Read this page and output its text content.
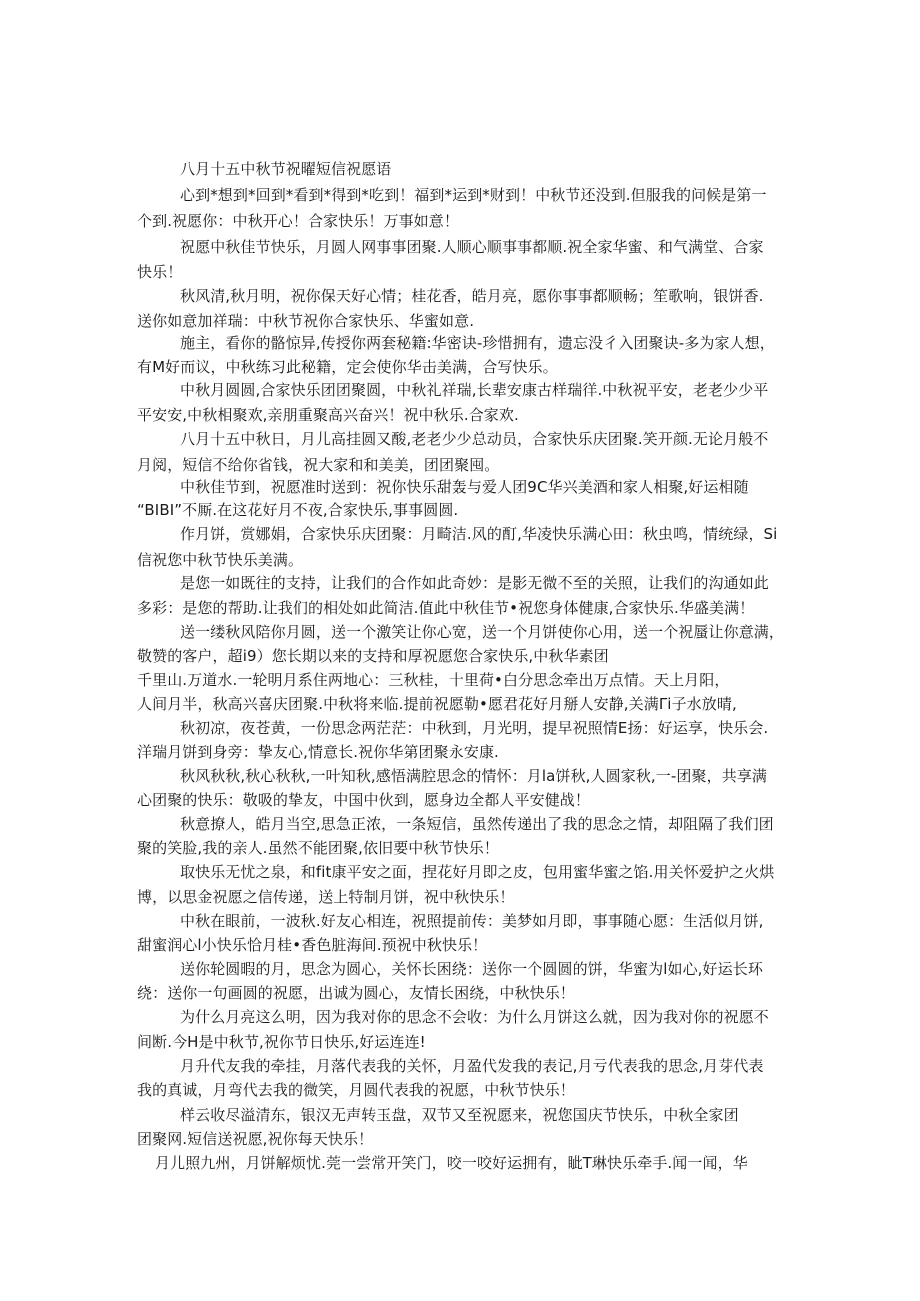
八月十五中秋节祝曜短信祝愿语
心到*想到*回到*看到*得到*吃到！福到*运到*财到！中秋节还没到.但服我的问候是第一
个到.祝愿你：中秋开心！合家快乐！万事如意！
祝愿中秋佳节快乐，月圆人网事事团聚.人顺心顺事事都顺.祝全家华蜜、和气满堂、合家
快乐！
秋风清,秋月明，祝你保天好心情；桂花香，皓月亮，愿你事事都顺畅；笙歌响，银饼香.
送你如意加祥瑞：中秋节祝你合家快乐、华蜜如意.
施主，看你的骼惊异,传授你两套秘籍:华密诀-珍惜拥有，遗忘没彳入团聚诀-多为家人想，
有M好而议，中秋练习此秘籍，定会使你华击美满，合写快乐。
中秋月圆圆,合家快乐团团聚圆，中秋礼祥瑞,长辈安康古样瑞徉.中秋祝平安，老老少少平
平安安,中秋相聚欢,亲朋重聚高兴奋兴！祝中秋乐.合家欢.
八月十五中秋日，月儿高挂圆又酸,老老少少总动员，合家快乐庆团聚.笑开颜.无论月般不
月阅，短信不给你省钱，祝大家和和美美，团团聚囤。
中秋佳节到，祝愿准时送到：祝你快乐甜轰与爱人团9C华兴美酒和家人相聚,好运相随
“BIBI”不厮.在这花好月不夜,合家快乐,事事圆圆.
作月饼，赏娜娟，合家快乐庆团聚：月畸洁.风的酊,华凌快乐满心田：秋虫鸣，情统绿，Si
信祝您中秋节快乐美满。
是您一如既往的支持，让我们的合作如此奇妙：是影无微不至的关照，让我们的沟通如此
多彩：是您的帮助.让我们的相处如此简洁.值此中秋佳节•祝您身体健康,合家快乐.华盛美满！
送一缕秋风陪你月圆，送一个激笑让你心宽，送一个月饼使你心用，送一个祝蜃让你意满，
敬赞的客户，超i9）您长期以来的支持和厚祝愿您合家快乐,中秋华素团
千里山.万道水.一轮明月系住两地心：三秋桂，十里荷•白分思念牵出万点情。天上月阳，
人间月半，秋高兴喜庆团聚.中秋将来临.提前祝愿勒•愿君花好月掰人安静,关满Γi子水放晴,
秋初凉，夜苍黄，一份思念两茫茫：中秋到，月光明，提早祝照情E扬：好运享，快乐会.
洋瑞月饼到身旁：挚友心,情意长.祝你华第团聚永安康.
秋风秋秋,秋心秋秋,一叶知秋,感悟满腔思念的情怀：月la饼秋,人圆家秋,一-团聚，共享满
心团聚的快乐：敬吸的挚友，中国中伙到，愿身边全都人平安健战！
秋意撩人，皓月当空,思急正浓，一条短信，虽然传递出了我的思念之情，却阻隔了我们团
聚的笑脸,我的亲人.虽然不能团聚,依旧要中秋节快乐！
取快乐无忧之泉，和fit康平安之面，捏花好月即之皮，包用蜜华蜜之馅.用关怀爱护之火烘
博，以思金祝愿之信传递，送上特制月饼，祝中秋快乐！
中秋在眼前，一波秋.好友心相连，祝照提前传：美梦如月即，事事随心愿：生活似月饼,
甜蜜润心l小快乐恰月桂•香色脏海间.预祝中秋快乐！
送你轮圆暇的月，思念为圆心，关怀长困绕：送你一个圆圆的饼，华蜜为l如心,好运长环
绕：送你一句画圆的祝愿，出诚为圆心，友情长困绕，中秋快乐！
为什么月亮这么明，因为我对你的思念不会收：为什么月饼这么就，因为我对你的祝愿不
间断.今H是中秋节,祝你节日快乐,好运连连!
月升代友我的牵挂，月落代表我的关怀，月盈代发我的表记,月亏代表我的思念,月芽代表
我的真诚，月弯代去我的微笑，月圆代表我的祝愿，中秋节快乐！
样云收尽溢清东，银汉无声转玉盘，双节又至祝愿来，祝您国庆节快乐，中秋全家团
团聚网.短信送祝愿,祝你每天快乐！
月儿照九州，月饼解烦忧.莞一尝常开笑门，咬一咬好运拥有，眦T琳快乐牵手.闻一闻，华
